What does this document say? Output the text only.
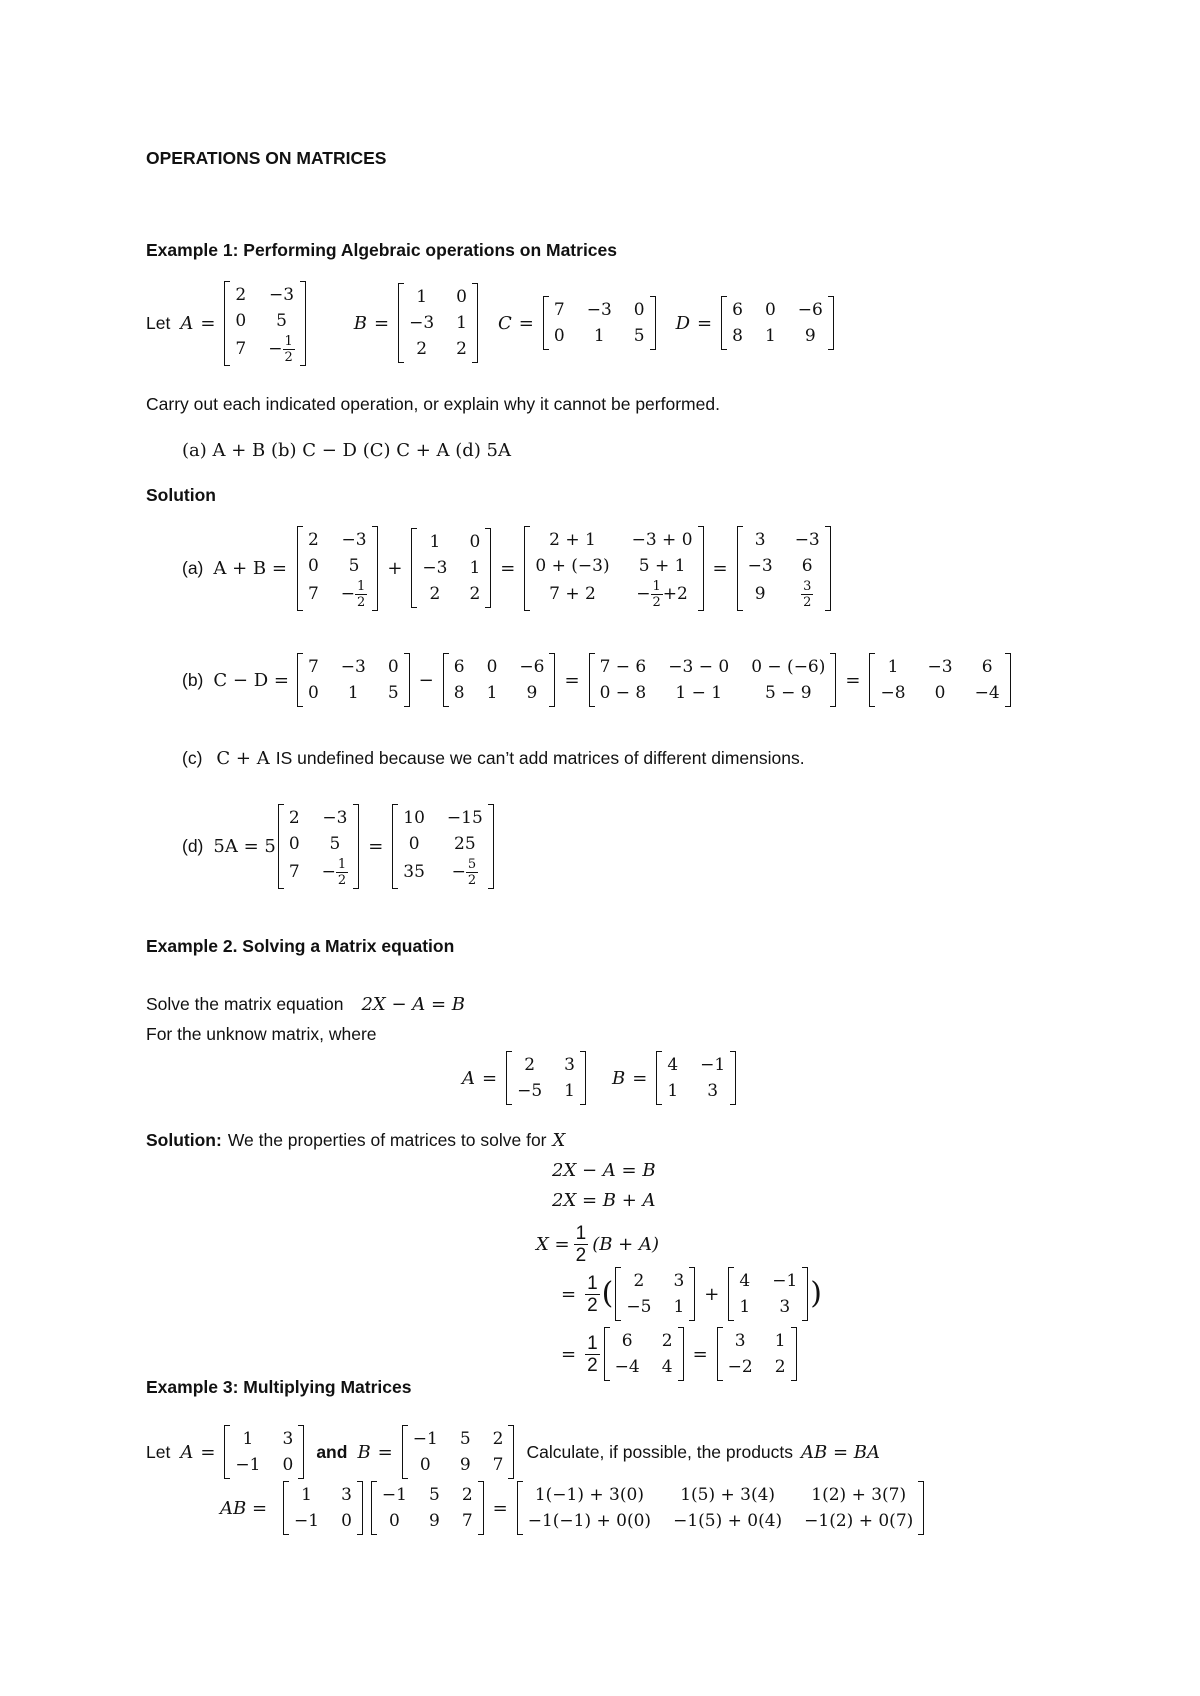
OPERATIONS ON MATRICES
Example 1: Performing Algebraic operations on Matrices
Let A =
2 −3
0 5
$7 - \frac{1}{2}$
B =
1 0
−3 1
2 2
C =
7 −3 0
0 1 5
D =
6 0 −6
8 1 9
Carry out each indicated operation, or explain why it cannot be performed.
(a) A + B (b) C − D (C) C + A (d) 5A
Solution
(a) A + B =
2 −3
0 5
$7 - \frac{1}{2}$
+
1 0
−3 1
2 2
=
2 + 1 −3 + 0
0 + (−3) 5 + 1
$7 + 2 - \frac{1}{2} +2$
=
3 −3
−3 6
9	$\frac{3}{2}$
(b) C − D =
7 −3 0
0 1 5
−
6 0 −6
8 1 9
=
7 − 6 −3 − 0 0 − (−6)
0 − 8 1 − 1	5 − 9
=
1 −3 6
−8 0 −4
(c) C + A IS undefined because we can’t add matrices of different dimensions.
(d) 5A = 5
2 −3
0 5
$7 - \frac{1}{2}$
=
10 −15
0 25
$35 - \frac{5}{2}$
Example 2. Solving a Matrix equation
Solve the matrix equation 2X − A = B
For the unknow matrix, where
A =
2 3
−5 1
B =
4 −1
1 3
Solution: We the properties of matrices to solve for X
2X − A = B
2X = B + A
$X = \frac{1}{2} (B + A)$
= $\frac{1}{2}$ ( 2 3
−5 1
+
4 −1
1 3 )
= $\frac{1}{2} 6$ 2
−4 4
=
3 1
−2 2
Example 3: Multiplying Matrices
Let A =
1 3
−1 0
and B =
−1 5 2
0 9 7
Calculate, if possible, the products AB = BA
AB =
1 3
−1 0
−1 5 2
0 9 7
=
1(−1) + 3(0) 1(5) + 3(4) 1(2) + 3(7)
−1(−1) + 0(0) −1(5) + 0(4) −1(2) + 0(7)
